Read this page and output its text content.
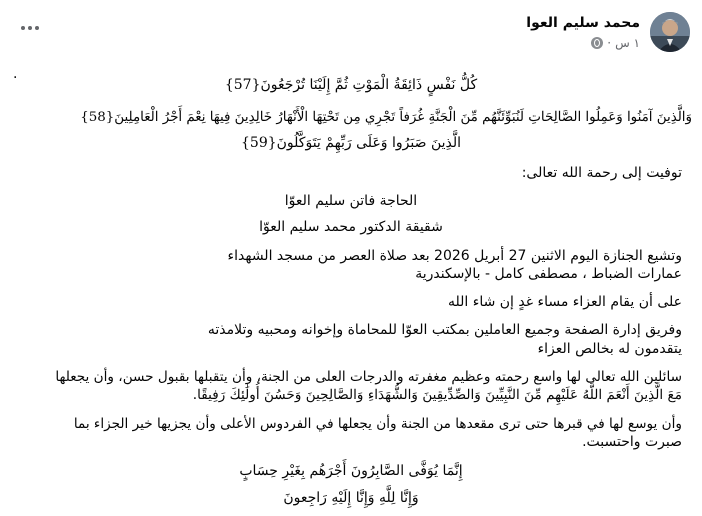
محمد سليم العوا
١ س
·
.
كُلُّ نَفْسٍ ذَائِقَةُ الْمَوْتِ ثُمَّ إِلَيْنَا تُرْجَعُونَ{57}
وَالَّذِينَ آمَنُوا وَعَمِلُوا الصَّالِحَاتِ لَنُبَوِّئَنَّهُم مِّنَ الْجَنَّةِ غُرَفاً تَجْرِي مِن تَحْتِهَا الْأَنْهَارُ خَالِدِينَ فِيهَا نِعْمَ أَجْرُ الْعَامِلِينَ{58}
الَّذِينَ صَبَرُوا وَعَلَى رَبِّهِمْ يَتَوَكَّلُونَ{59}
توفيت إلى رحمة الله تعالى:
الحاجة فاتن سليم العوّا
شقيقة الدكتور محمد سليم العوّا
وتشيع الجنازة اليوم الاثنين 27 أبريل 2026 بعد صلاة العصر من مسجد الشهداء
عمارات الضباط ، مصطفى كامل - بالإسكندرية
على أن يقام العزاء مساء غدٍ إن شاء الله
وفريق إدارة الصفحة وجميع العاملين بمكتب العوّا للمحاماة وإخوانه ومحبيه وتلامذته
يتقدمون له بخالص العزاء
سائلين الله تعالى لها واسع رحمته وعظيم مغفرته والدرجات العلى من الجنة، وأن يتقبلها بقبول حسن، وأن يجعلها
مَعَ الَّذِينَ أَنْعَمَ اللَّهُ عَلَيْهِم مِّنَ النَّبِيِّينَ وَالصِّدِّيقِينَ وَالشُّهَدَاءِ وَالصَّالِحِينَ وَحَسُنَ أُولَٰئِكَ رَفِيقًا.
وأن يوسع لها في قبرها حتى ترى مقعدها من الجنة وأن يجعلها في الفردوس الأعلى وأن يجزيها خير الجزاء بما
صبرت واحتسبت.
إِنَّمَا يُوَفَّى الصَّابِرُونَ أَجْرَهُم بِغَيْرِ حِسَابٍ
وَإِنَّا لِلَّهِ وَإِنَّا إِلَيْهِ رَاجِعونَ
